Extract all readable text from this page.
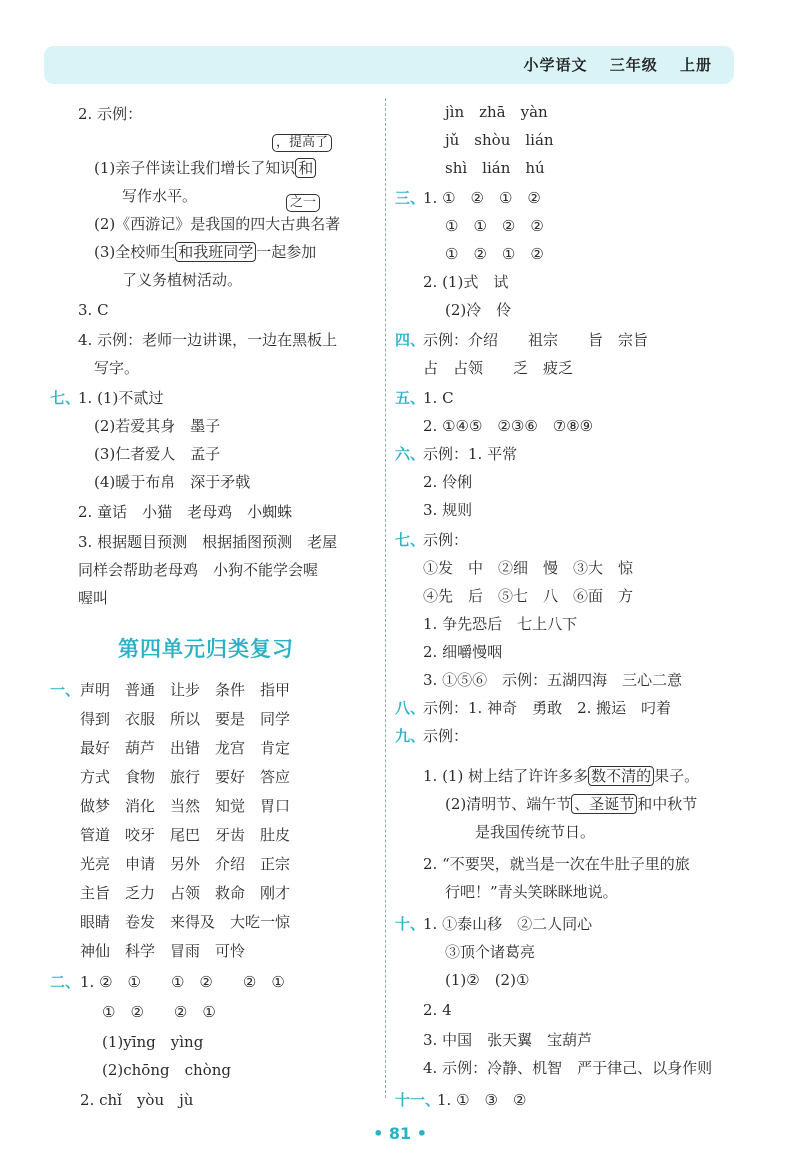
小学语文　 三年级　 上册
2. 示例：
，提高了
(1)亲子伴读让我们增长了知识 和
写作水平。	之一
(2)《西游记》是我国的四大古典名著
(3)全校师生 和我班同学 一起参加
了义务植树活动。
3. C
4. 示例：老师一边讲课，一边在黑板上
写字。
七、
1. (1)不贰过
(2)若爱其身　墨子
(3)仁者爱人　孟子
(4)暖于布帛　深于矛戟
2. 童话　小猫　老母鸡　小蜘蛛
3. 根据题目预测　根据插图预测　老屋
同样会帮助老母鸡　小狗不能学会喔
喔叫
第四单元归类复习
一、 声明　普通　让步　条件　指甲
得到　衣服　所以　要是　同学
最好　葫芦　出错　龙宫　肯定
方式　食物　旅行　要好　答应
做梦　消化　当然　知觉　胃口
管道　咬牙　尾巴　牙齿　肚皮
光亮　申请　另外　介绍　正宗
主旨　乏力　占领　救命　刚才
眼睛　卷发　来得及　大吃一惊
神仙　科学　冒雨　可怜
二、 1. ②　①　　①　②　　②　①
①　②　　②　①
(1)yīng　yìng
(2)chōng　chòng
2. chǐ　yòu　jù
jìn　zhā　yàn
jǔ　shòu　lián
shì　lián　hú
三、
1. ①　②　①　②
①　①　②　②
①　②　①　②
2. (1)式　试
(2)冷　伶
四、
示例：介绍　　祖宗　　旨　宗旨
占　占领　　乏　疲乏
五、
1. C
2. ①④⑤　②③⑥　⑦⑧⑨
六、
示例：1. 平常
2. 伶俐
3. 规则
七、
示例：
①发　中　②细　慢　③大　惊
④先　后　⑤七　八　⑥面　方
1. 争先恐后　七上八下
2. 细嚼慢咽
3. ①⑤⑥　示例：五湖四海　三心二意
八、
示例：1. 神奇　勇敢　2. 搬运　叼着
九、
示例：
1. (1) 树上结了许许多多 数不清的 果子。
(2)清明节、端午节 、圣诞节 和中秋节
是我国传统节日。
2. “不要哭，就当是一次在牛肚子里的旅
行吧！”青头笑眯眯地说。
十、
1. ①泰山移　②二人同心
③顶个诸葛亮
(1)②　(2)①
2. 4
3. 中国　张天翼　宝葫芦
4. 示例：冷静、机智　严于律己、以身作则
十一、
1. ①　③　②
• 81 •
